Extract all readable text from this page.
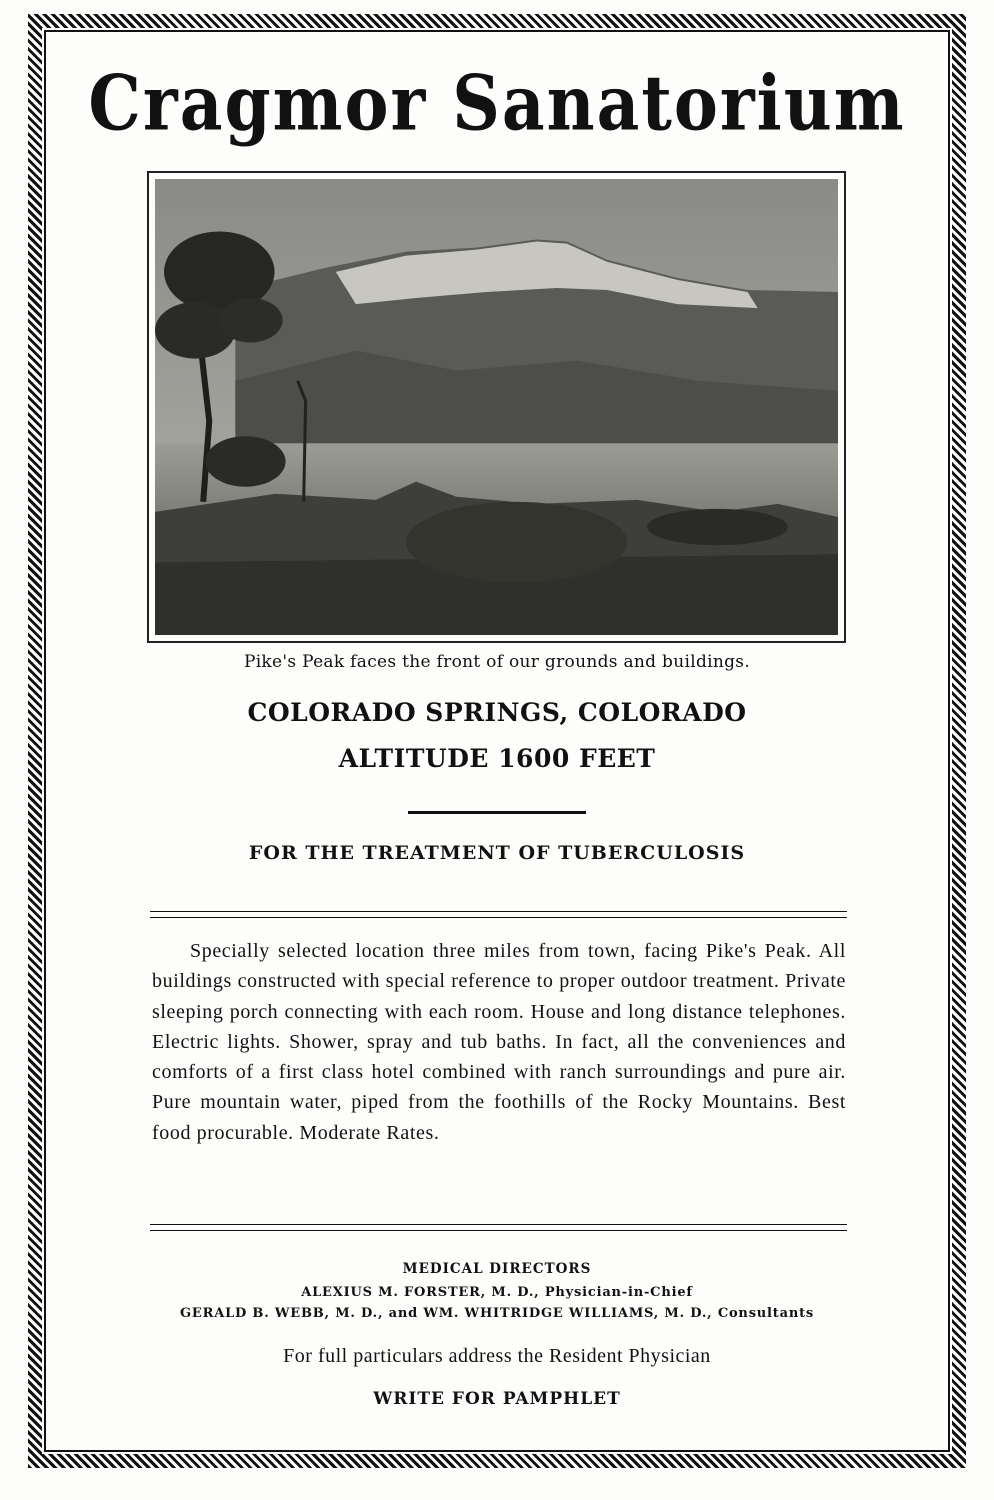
Cragmor Sanatorium
Pike's Peak faces the front of our grounds and buildings.
COLORADO SPRINGS, COLORADO
ALTITUDE 1600 FEET
FOR THE TREATMENT OF TUBERCULOSIS
Specially selected location three miles from town, facing Pike's Peak. All buildings constructed with special reference to proper outdoor treatment. Private sleeping porch connecting with each room. House and long distance telephones. Electric lights. Shower, spray and tub baths. In fact, all the conveniences and comforts of a first class hotel combined with ranch surroundings and pure air. Pure mountain water, piped from the foothills of the Rocky Mountains. Best food procurable. Moderate Rates.
MEDICAL DIRECTORS
ALEXIUS M. FORSTER, M. D., Physician-in-Chief
GERALD B. WEBB, M. D., and WM. WHITRIDGE WILLIAMS, M. D., Consultants
For full particulars address the Resident Physician
WRITE FOR PAMPHLET
